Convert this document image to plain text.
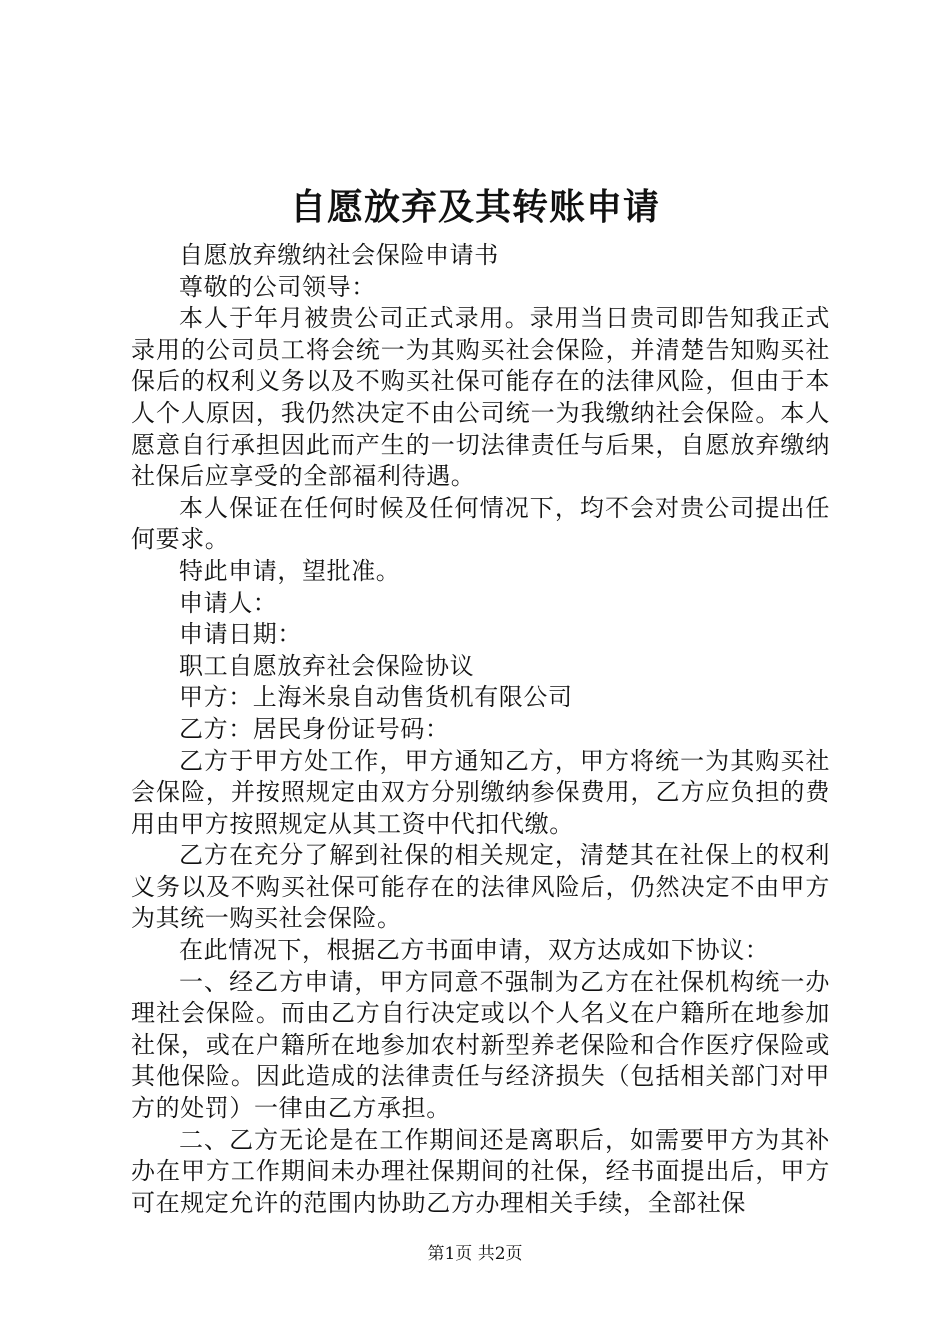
自愿放弃及其转账申请

自愿放弃缴纳社会保险申请书

尊敬的公司领导：

本人于年月被贵公司正式录用。录用当日贵司即告知我正式录用的公司员工将会统一为其购买社会保险，并清楚告知购买社保后的权利义务以及不购买社保可能存在的法律风险，但由于本人个人原因，我仍然决定不由公司统一为我缴纳社会保险。本人愿意自行承担因此而产生的一切法律责任与后果，自愿放弃缴纳社保后应享受的全部福利待遇。

本人保证在任何时候及任何情况下，均不会对贵公司提出任何要求。

特此申请，望批准。

申请人：

申请日期：

职工自愿放弃社会保险协议

甲方：上海米泉自动售货机有限公司

乙方：居民身份证号码：

乙方于甲方处工作，甲方通知乙方，甲方将统一为其购买社会保险，并按照规定由双方分别缴纳参保费用，乙方应负担的费用由甲方按照规定从其工资中代扣代缴。

乙方在充分了解到社保的相关规定，清楚其在社保上的权利义务以及不购买社保可能存在的法律风险后，仍然决定不由甲方为其统一购买社会保险。

在此情况下，根据乙方书面申请，双方达成如下协议：

一、经乙方申请，甲方同意不强制为乙方在社保机构统一办理社会保险。而由乙方自行决定或以个人名义在户籍所在地参加社保，或在户籍所在地参加农村新型养老保险和合作医疗保险或其他保险。因此造成的法律责任与经济损失（包括相关部门对甲方的处罚）一律由乙方承担。

二、乙方无论是在工作期间还是离职后，如需要甲方为其补办在甲方工作期间未办理社保期间的社保，经书面提出后，甲方可在规定允许的范围内协助乙方办理相关手续，全部社保

第1页 共2页
